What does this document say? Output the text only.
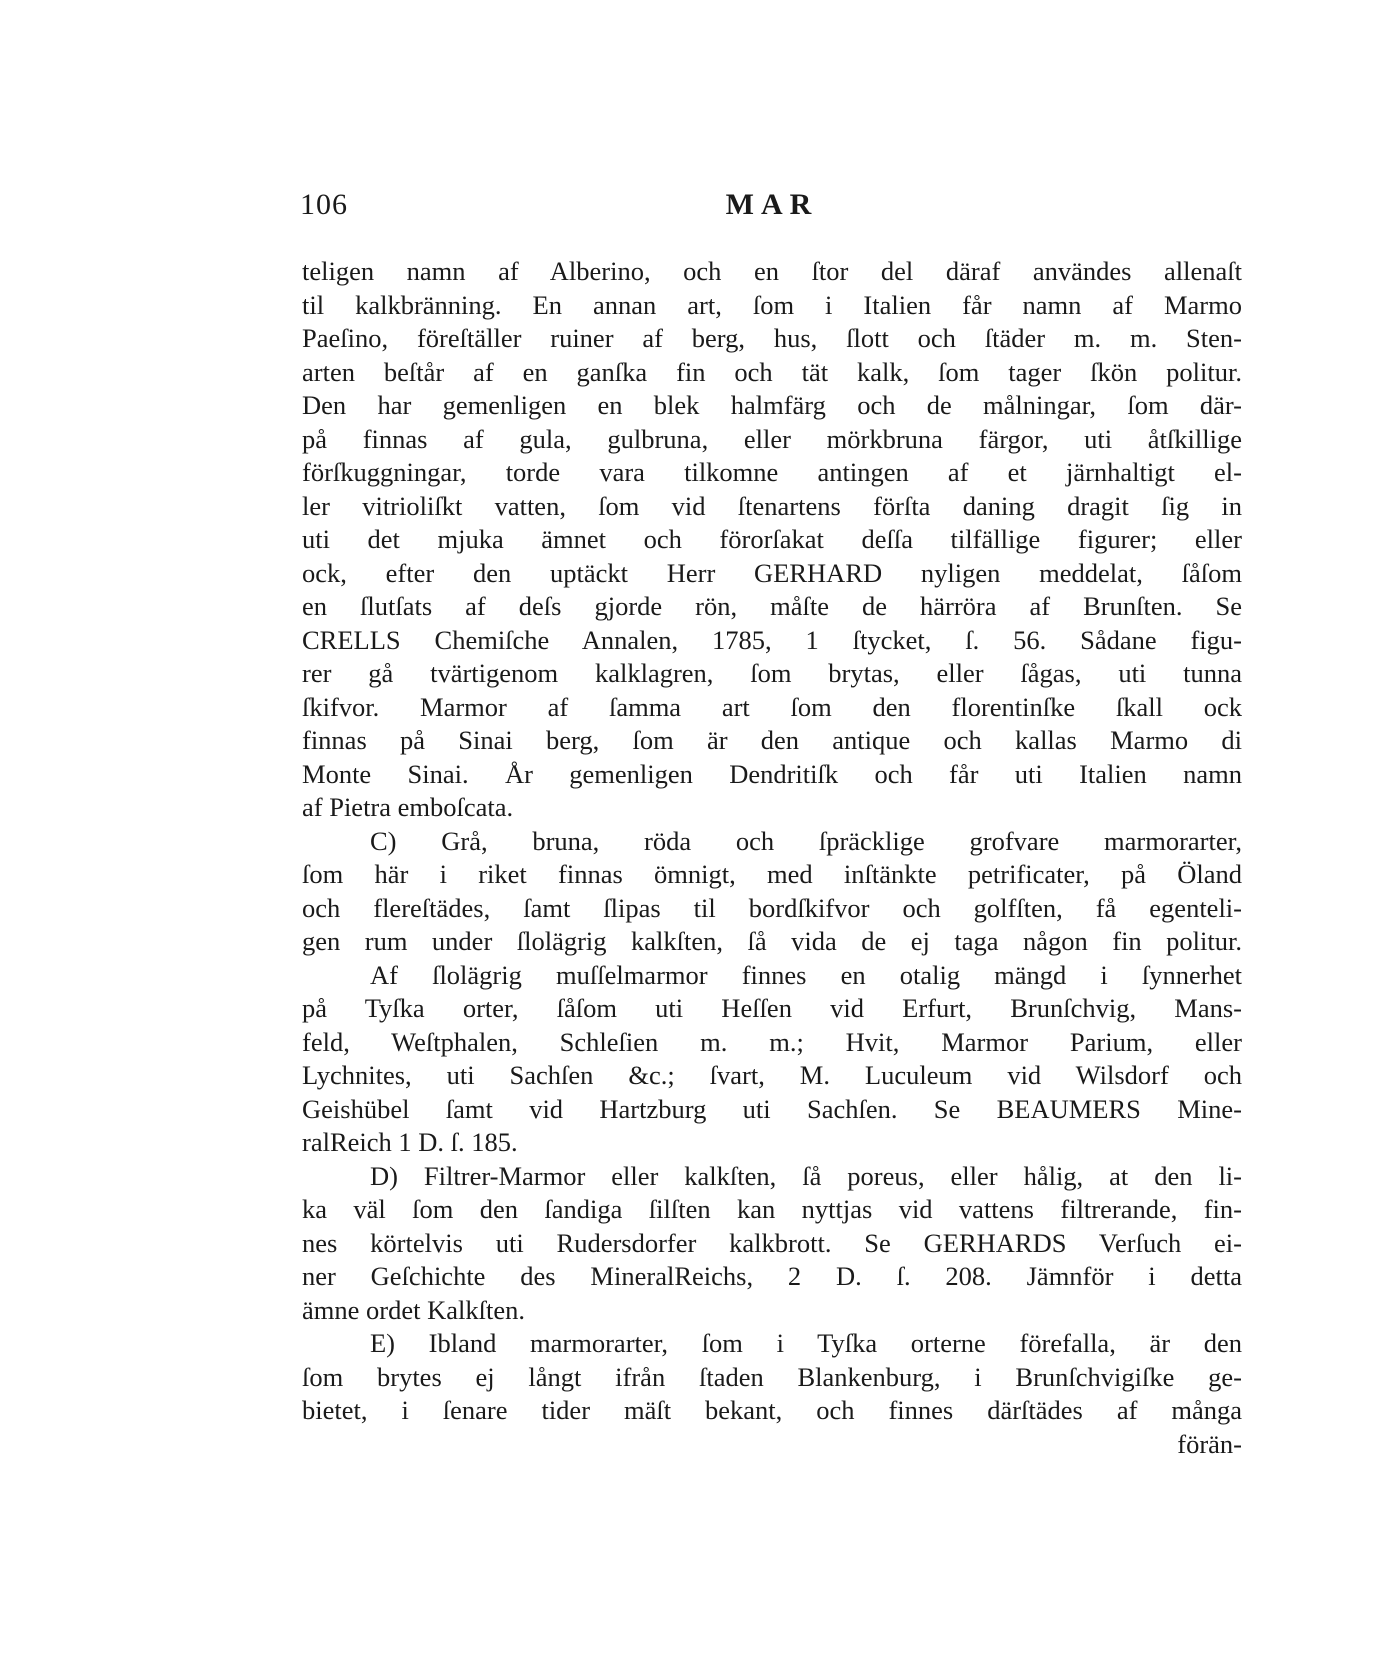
106	MAR
teligen namn af Alberino, och en ſtor del däraf användes allenaſt
til kalkbränning. En annan art, ſom i Italien får namn af Marmo
Paeſino, föreſtäller ruiner af berg, hus, ſlott och ſtäder m. m. Sten-
arten beſtår af en ganſka fin och tät kalk, ſom tager ſkön politur.
Den har gemenligen en blek halmfärg och de målningar, ſom där-
på finnas af gula, gulbruna, eller mörkbruna färgor, uti åtſkillige
förſkuggningar, torde vara tilkomne antingen af et järnhaltigt el-
ler vitrioliſkt vatten, ſom vid ſtenartens förſta daning dragit ſig in
uti det mjuka ämnet och förorſakat deſſa tilfällige figurer; eller
ock, efter den uptäckt Herr GERHARD nyligen meddelat, ſåſom
en ſlutſats af deſs gjorde rön, måſte de härröra af Brunſten. Se
CRELLS Chemiſche Annalen, 1785, 1 ſtycket, ſ. 56. Sådane figu-
rer gå tvärtigenom kalklagren, ſom brytas, eller ſågas, uti tunna
ſkifvor. Marmor af ſamma art ſom den florentinſke ſkall ock
finnas på Sinai berg, ſom är den antique och kallas Marmo di
Monte Sinai. År gemenligen Dendritiſk och får uti Italien namn
af Pietra emboſcata.
C) Grå, bruna, röda och ſpräcklige grofvare marmorarter,
ſom här i riket finnas ömnigt, med inſtänkte petrificater, på Öland
och flereſtädes, ſamt ſlipas til bordſkifvor och golfſten, få egenteli-
gen rum under ſlolägrig kalkſten, ſå vida de ej taga någon fin politur.
Af ſlolägrig muſſelmarmor finnes en otalig mängd i ſynnerhet
på Tyſka orter, ſåſom uti Heſſen vid Erfurt, Brunſchvig, Mans-
feld, Weſtphalen, Schleſien m. m.; Hvit, Marmor Parium, eller
Lychnites, uti Sachſen &c.; ſvart, M. Luculeum vid Wilsdorf och
Geishübel ſamt vid Hartzburg uti Sachſen. Se BEAUMERS Mine-
ralReich 1 D. ſ. 185.
D) Filtrer-Marmor eller kalkſten, ſå poreus, eller hålig, at den li-
ka väl ſom den ſandiga ſilſten kan nyttjas vid vattens filtrerande, fin-
nes körtelvis uti Rudersdorfer kalkbrott. Se GERHARDS Verſuch ei-
ner Geſchichte des MineralReichs, 2 D. ſ. 208. Jämnför i detta
ämne ordet Kalkſten.
E) Ibland marmorarter, ſom i Tyſka orterne förefalla, är den
ſom brytes ej långt ifrån ſtaden Blankenburg, i Brunſchvigiſke ge-
bietet, i ſenare tider mäſt bekant, och finnes därſtädes af många
förän-
